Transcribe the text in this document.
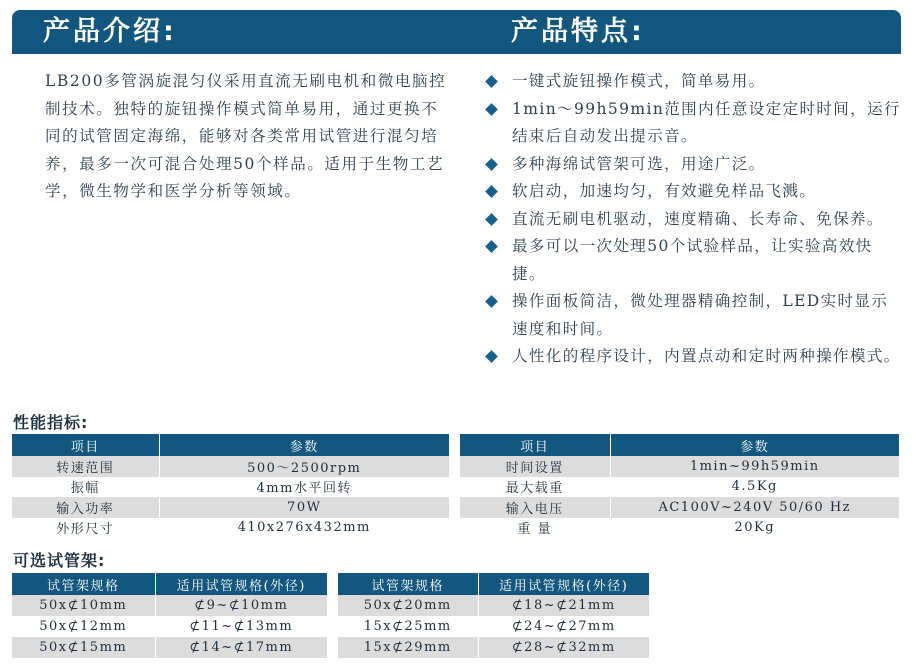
产品介绍:	产品特点:
LB200多管涡旋混匀仪采用直流无刷电机和微电脑控制技术。独特的旋钮操作模式简单易用，通过更换不同的试管固定海绵，能够对各类常用试管进行混匀培养，最多一次可混合处理50个样品。适用于生物工艺学，微生物学和医学分析等领域。
一键式旋钮操作模式，简单易用。
1min～99h59min范围内任意设定定时时间，运行结束后自动发出提示音。
多种海绵试管架可选，用途广泛。
软启动，加速均匀，有效避免样品飞溅。
直流无刷电机驱动，速度精确、长寿命、免保养。
最多可以一次处理50个试验样品，让实验高效快捷。
操作面板简洁，微处理器精确控制，LED实时显示速度和时间。
人性化的程序设计，内置点动和定时两种操作模式。
性能指标:
项目	参数
转速范围	500～2500rpm
振幅	4mm水平回转
输入功率	70W
外形尺寸	410x276x432mm
项目	参数
时间设置	1min~99h59min
最大载重	4.5Kg
输入电压	AC100V~240V 50/60 Hz
重 量	20Kg
可选试管架:
试管架规格	适用试管规格(外径)
50x⊄10mm	⊄9~⊄10mm
50x⊄12mm	⊄11~⊄13mm
50x⊄15mm	⊄14~⊄17mm
试管架规格	适用试管规格(外径)
50x⊄20mm	⊄18~⊄21mm
15x⊄25mm	⊄24~⊄27mm
15x⊄29mm	⊄28~⊄32mm
